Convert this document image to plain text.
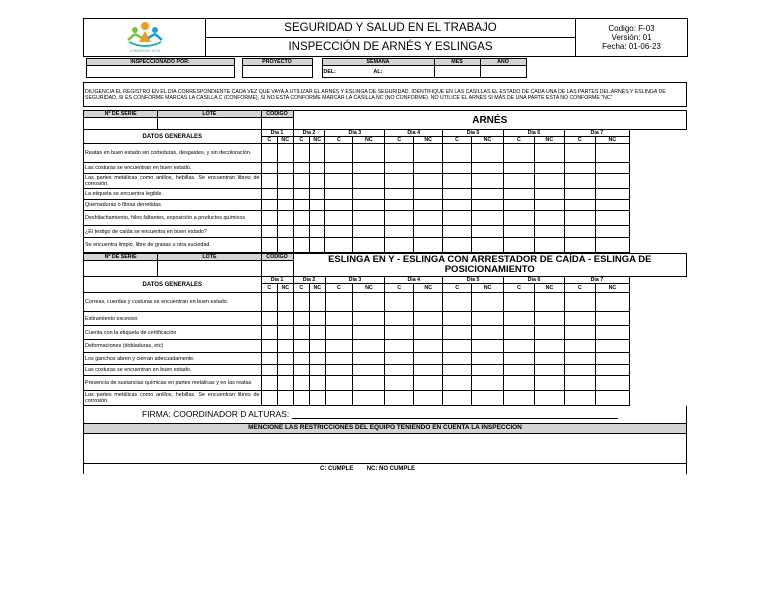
CONSORCIO SI G3
	SEGURIDAD Y SALUD EN EL TRABAJO	Codigo: F-03
Versión: 01
Fecha: 01-06-23

INSPECCIÓN DE ARNÉS Y ESLINGAS
	INSPECCIONADO POR:		PROYECTO		SEMANA	MES	AÑO	
					DEL: AL:			
DILIGENCIA EL REGISTRO EN EL DIA CORRESPONDIENTE CADA VEZ QUE VAYA A UTILIZAR EL ARNÉS Y ESLINGA DE SEGURIDAD. IDENTIFIQUE EN LAS CASILLAS EL ESTADO DE CADA UNA DE LAS PARTES DEL ARNÉS Y ESLINGA DE SEGURIDAD. SI ES CONFORME MARCAS LA CASILLA C (CONFORME), SI NO ESTA CONFORME MARCAR LA CASILLA NC (NO CONFORME). NO UTILICE EL ARNÉS SI MÁS DE UNA PARTE ESTA NO CONFORME "NC"
Nº DE SERIE	LOTE	CODIGO		ARNÉS											

DATOS GENERALES		Dia 1		Dia 2		Dia 3		Dia 4		Dia 5		Dia 6		Dia 7	
		C	NC	C	NC	C	NC	C	NC	C	NC	C	NC	C	NC
Reatas en buen estado sin corteduras, desgastes, y sin decoloración.															
Las costuras se encuentran en buen estado.															
Las partes metálicas como anillos, hebillas. Se encuentran libres de corrosión.															
La etiqueta se encuentra legible.															
Quemaduras o fibras derretidas.															
Deshilachamiento, hilos faltantes, exposición a productos químicos															
¿El testigo de caída se encuentra en buen estado?															
Se encuentra limpio, libre de grasas u otra suciedad.															
Nº DE SERIE	LOTE	CODIGO		ESLINGA EN Y - ESLINGA CON ARRESTADOR DE CAÍDA - ESLINGA DE POSICIONAMIENTO											

DATOS GENERALES		Dia 1		Dia 2		Dia 3		Dia 4		Dia 5		Dia 6		Dia 7	
		C	NC	C	NC	C	NC	C	NC	C	NC	C	NC	C	NC
Correas, cuerdas y costuras se encuentran en buen estado.															
Estiramiento excesivo															
Cuenta con la etiqueta de certificación															
Deformaciones (dobladuras, etc)															
Los ganchos abren y cierran adecuadamente.															
Las costuras se encuentran en buen estado.															
Presencia de sustancias químicas en partes metálicas y en las reatas															
Las partes metálicas como anillos, hebillas. Se encuentran libres de corrosión.															
FIRMA: COORDINADOR D ALTURAS:
MENCIONE LAS RESTRICCIONES DEL EQUIPO TENIENDO EN CUENTA LA INSPECCIÓN

C: CUMPLE NC: NO CUMPLE
